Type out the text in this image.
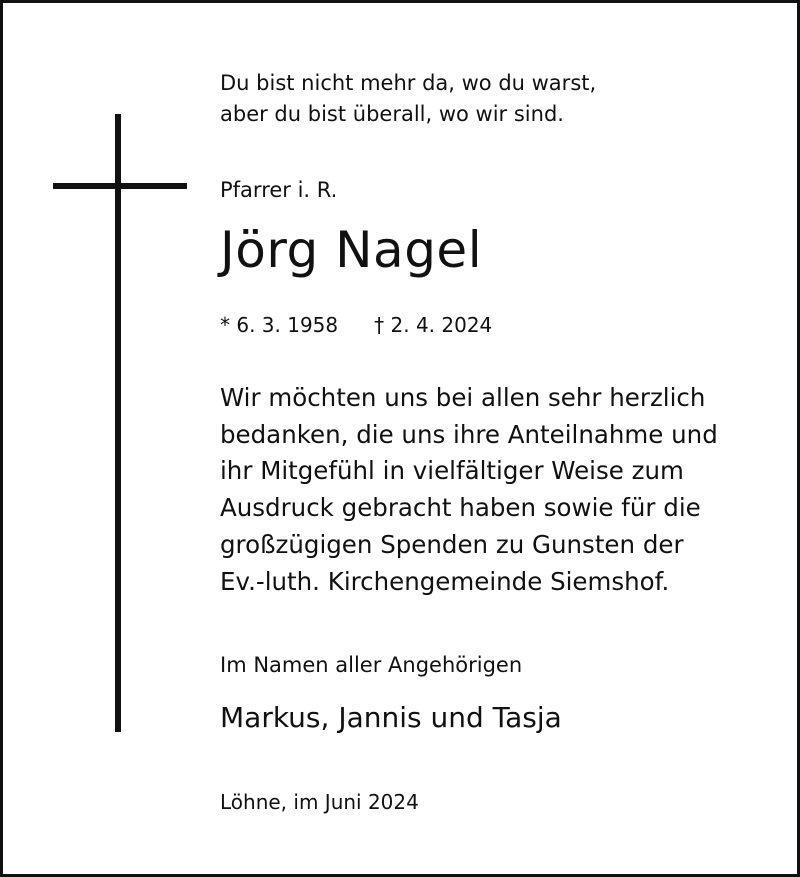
Du bist nicht mehr da, wo du warst,
aber du bist überall, wo wir sind.

Pfarrer i. R.

Jörg Nagel

* 6. 3. 1958 † 2. 4. 2024

Wir möchten uns bei allen sehr herzlich
bedanken, die uns ihre Anteilnahme und
ihr Mitgefühl in vielfältiger Weise zum
Ausdruck gebracht haben sowie für die
großzügigen Spenden zu Gunsten der
Ev.-luth. Kirchengemeinde Siemshof.

Im Namen aller Angehörigen

Markus, Jannis und Tasja

Löhne, im Juni 2024
